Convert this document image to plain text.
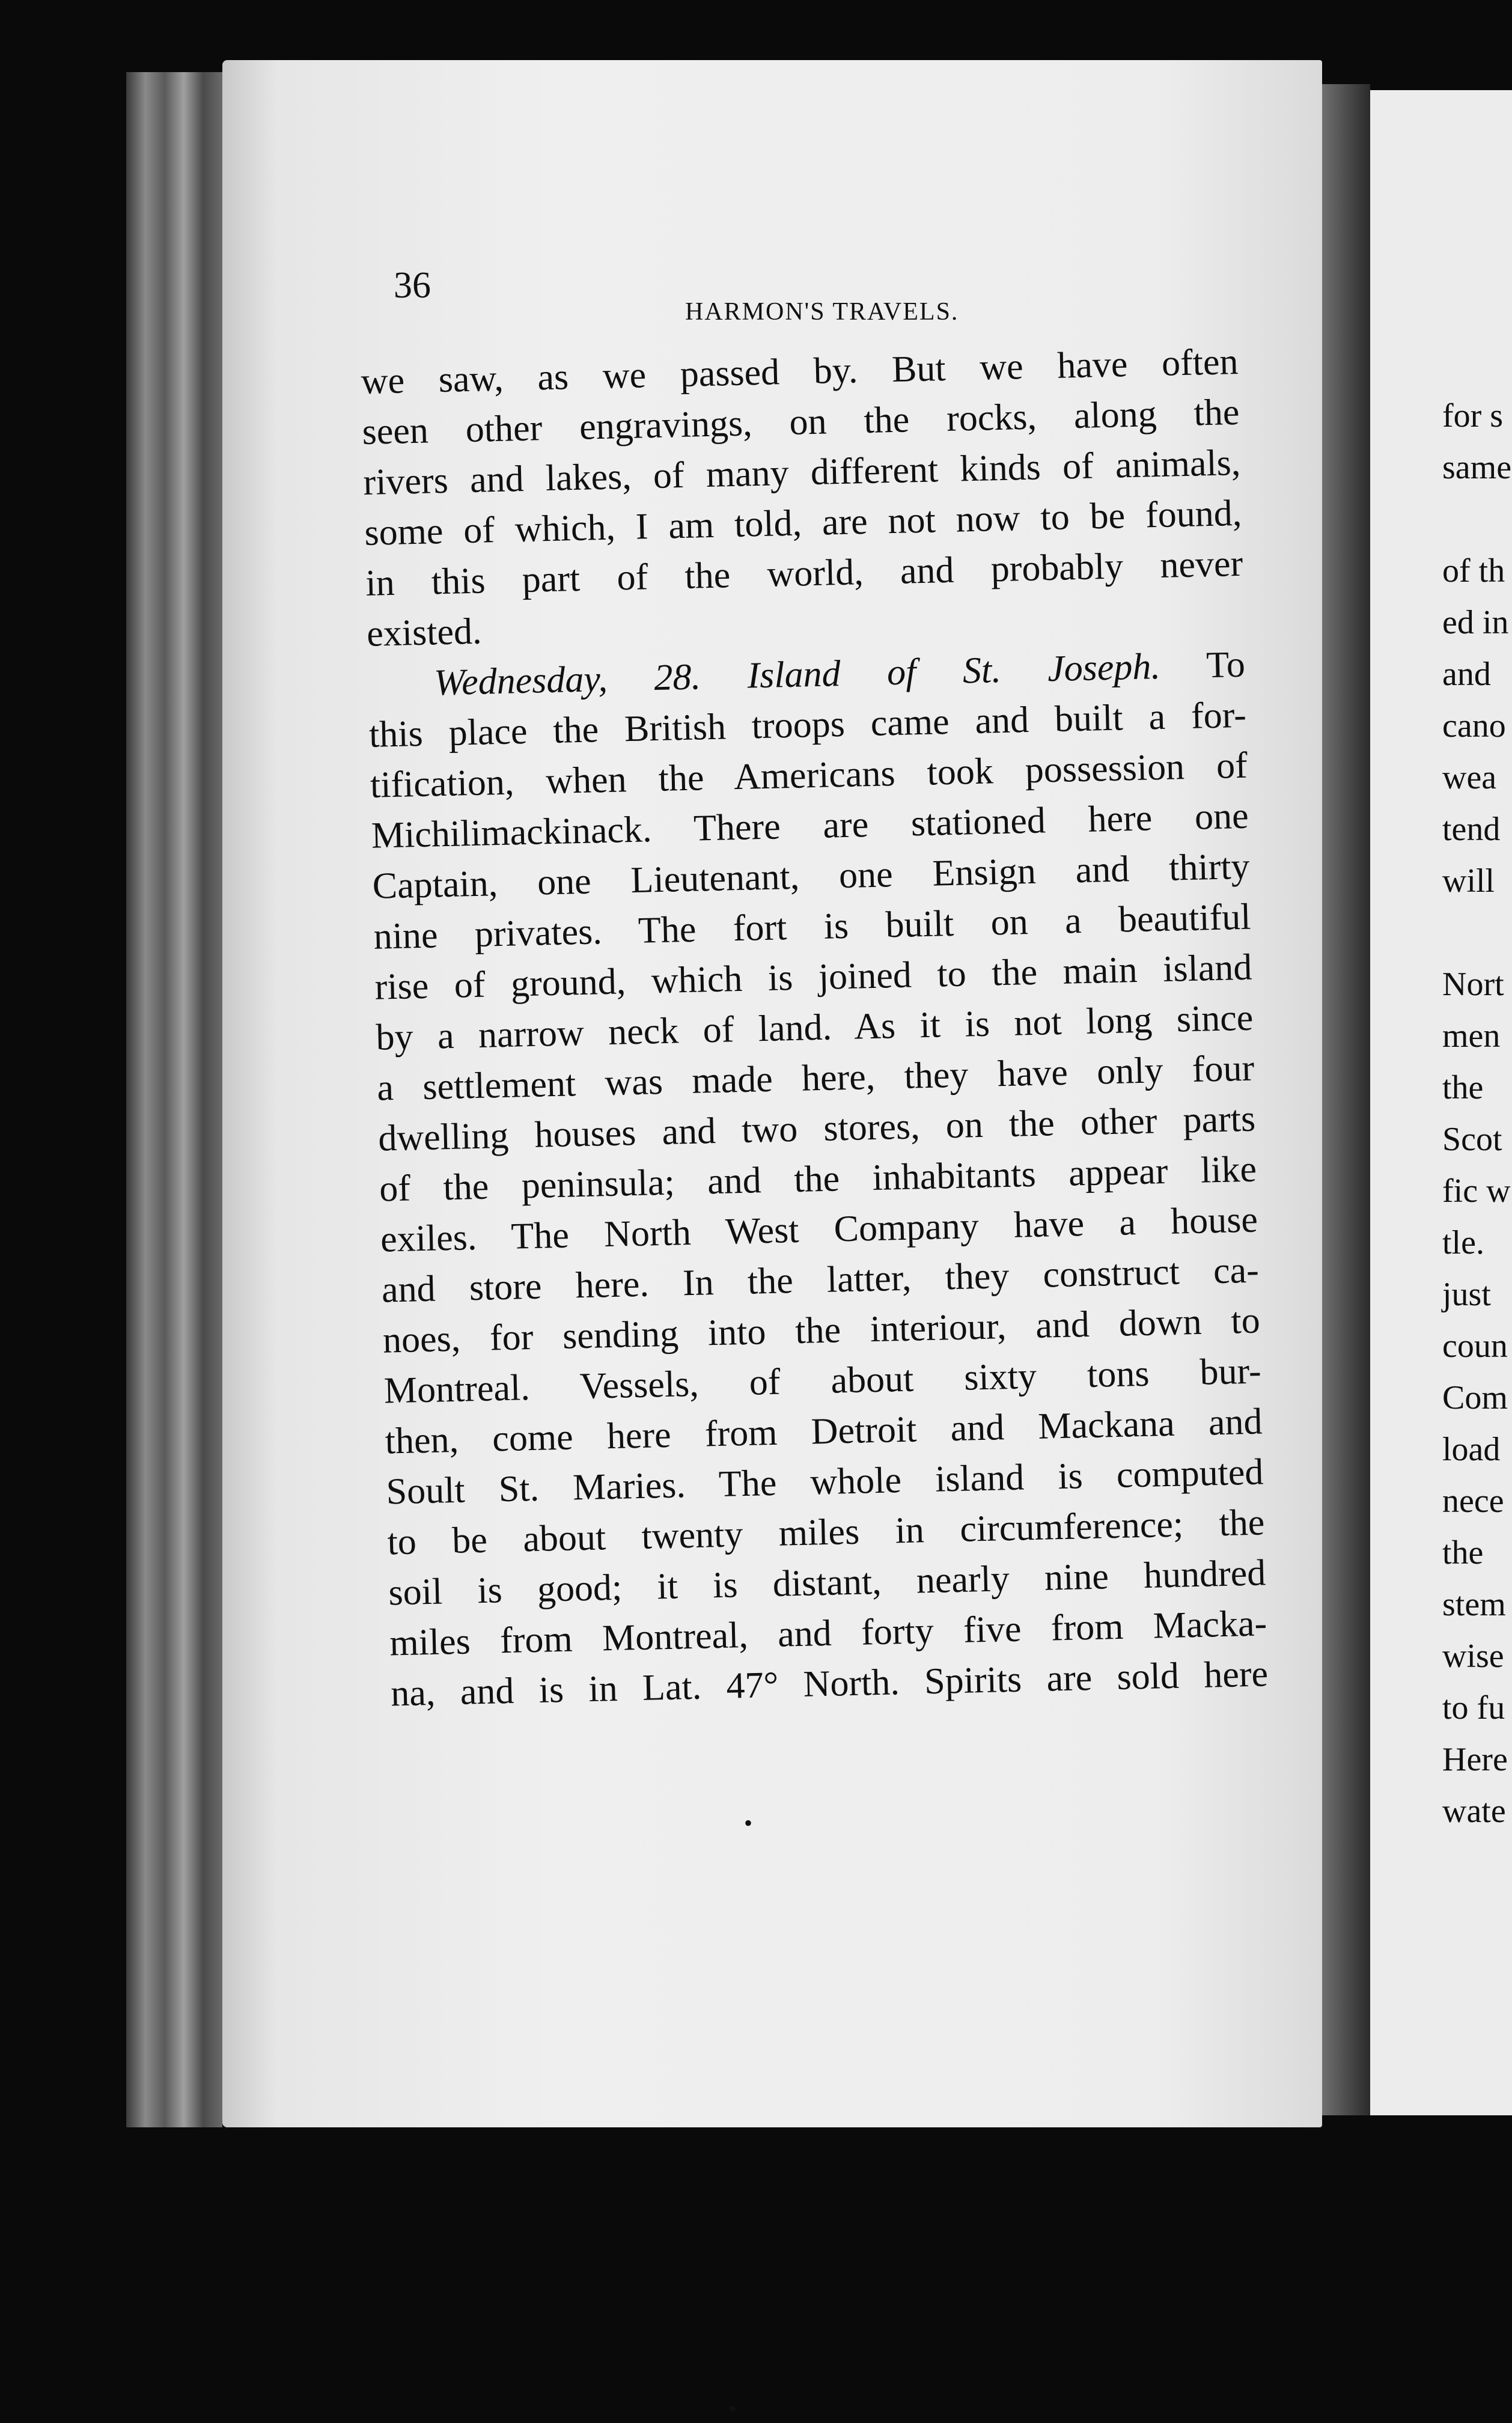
36
HARMON'S TRAVELS.
we saw, as we passed by. But we have often
seen other engravings, on the rocks, along the
rivers and lakes, of many different kinds of animals,
some of which, I am told, are not now to be found,
in this part of the world, and probably never
existed.
Wednesday, 28. Island of St. Joseph. To
this place the British troops came and built a for-
tification, when the Americans took possession of
Michilimackinack. There are stationed here one
Captain, one Lieutenant, one Ensign and thirty
nine privates. The fort is built on a beautiful
rise of ground, which is joined to the main island
by a narrow neck of land. As it is not long since
a settlement was made here, they have only four
dwelling houses and two stores, on the other parts
of the peninsula; and the inhabitants appear like
exiles. The North West Company have a house
and store here. In the latter, they construct ca-
noes, for sending into the interiour, and down to
Montreal. Vessels, of about sixty tons bur-
then, come here from Detroit and Mackana and
Soult St. Maries. The whole island is computed
to be about twenty miles in circumference; the
soil is good; it is distant, nearly nine hundred
miles from Montreal, and forty five from Macka-
na, and is in Lat. 47° North. Spirits are sold here
for s
same
of th
ed in
and
cano
wea
tend
will
Nort
men
the
Scot
fic w
tle.
just
coun
Com
load
nece
the
stem
wise
to fu
Here
wate
•
•
